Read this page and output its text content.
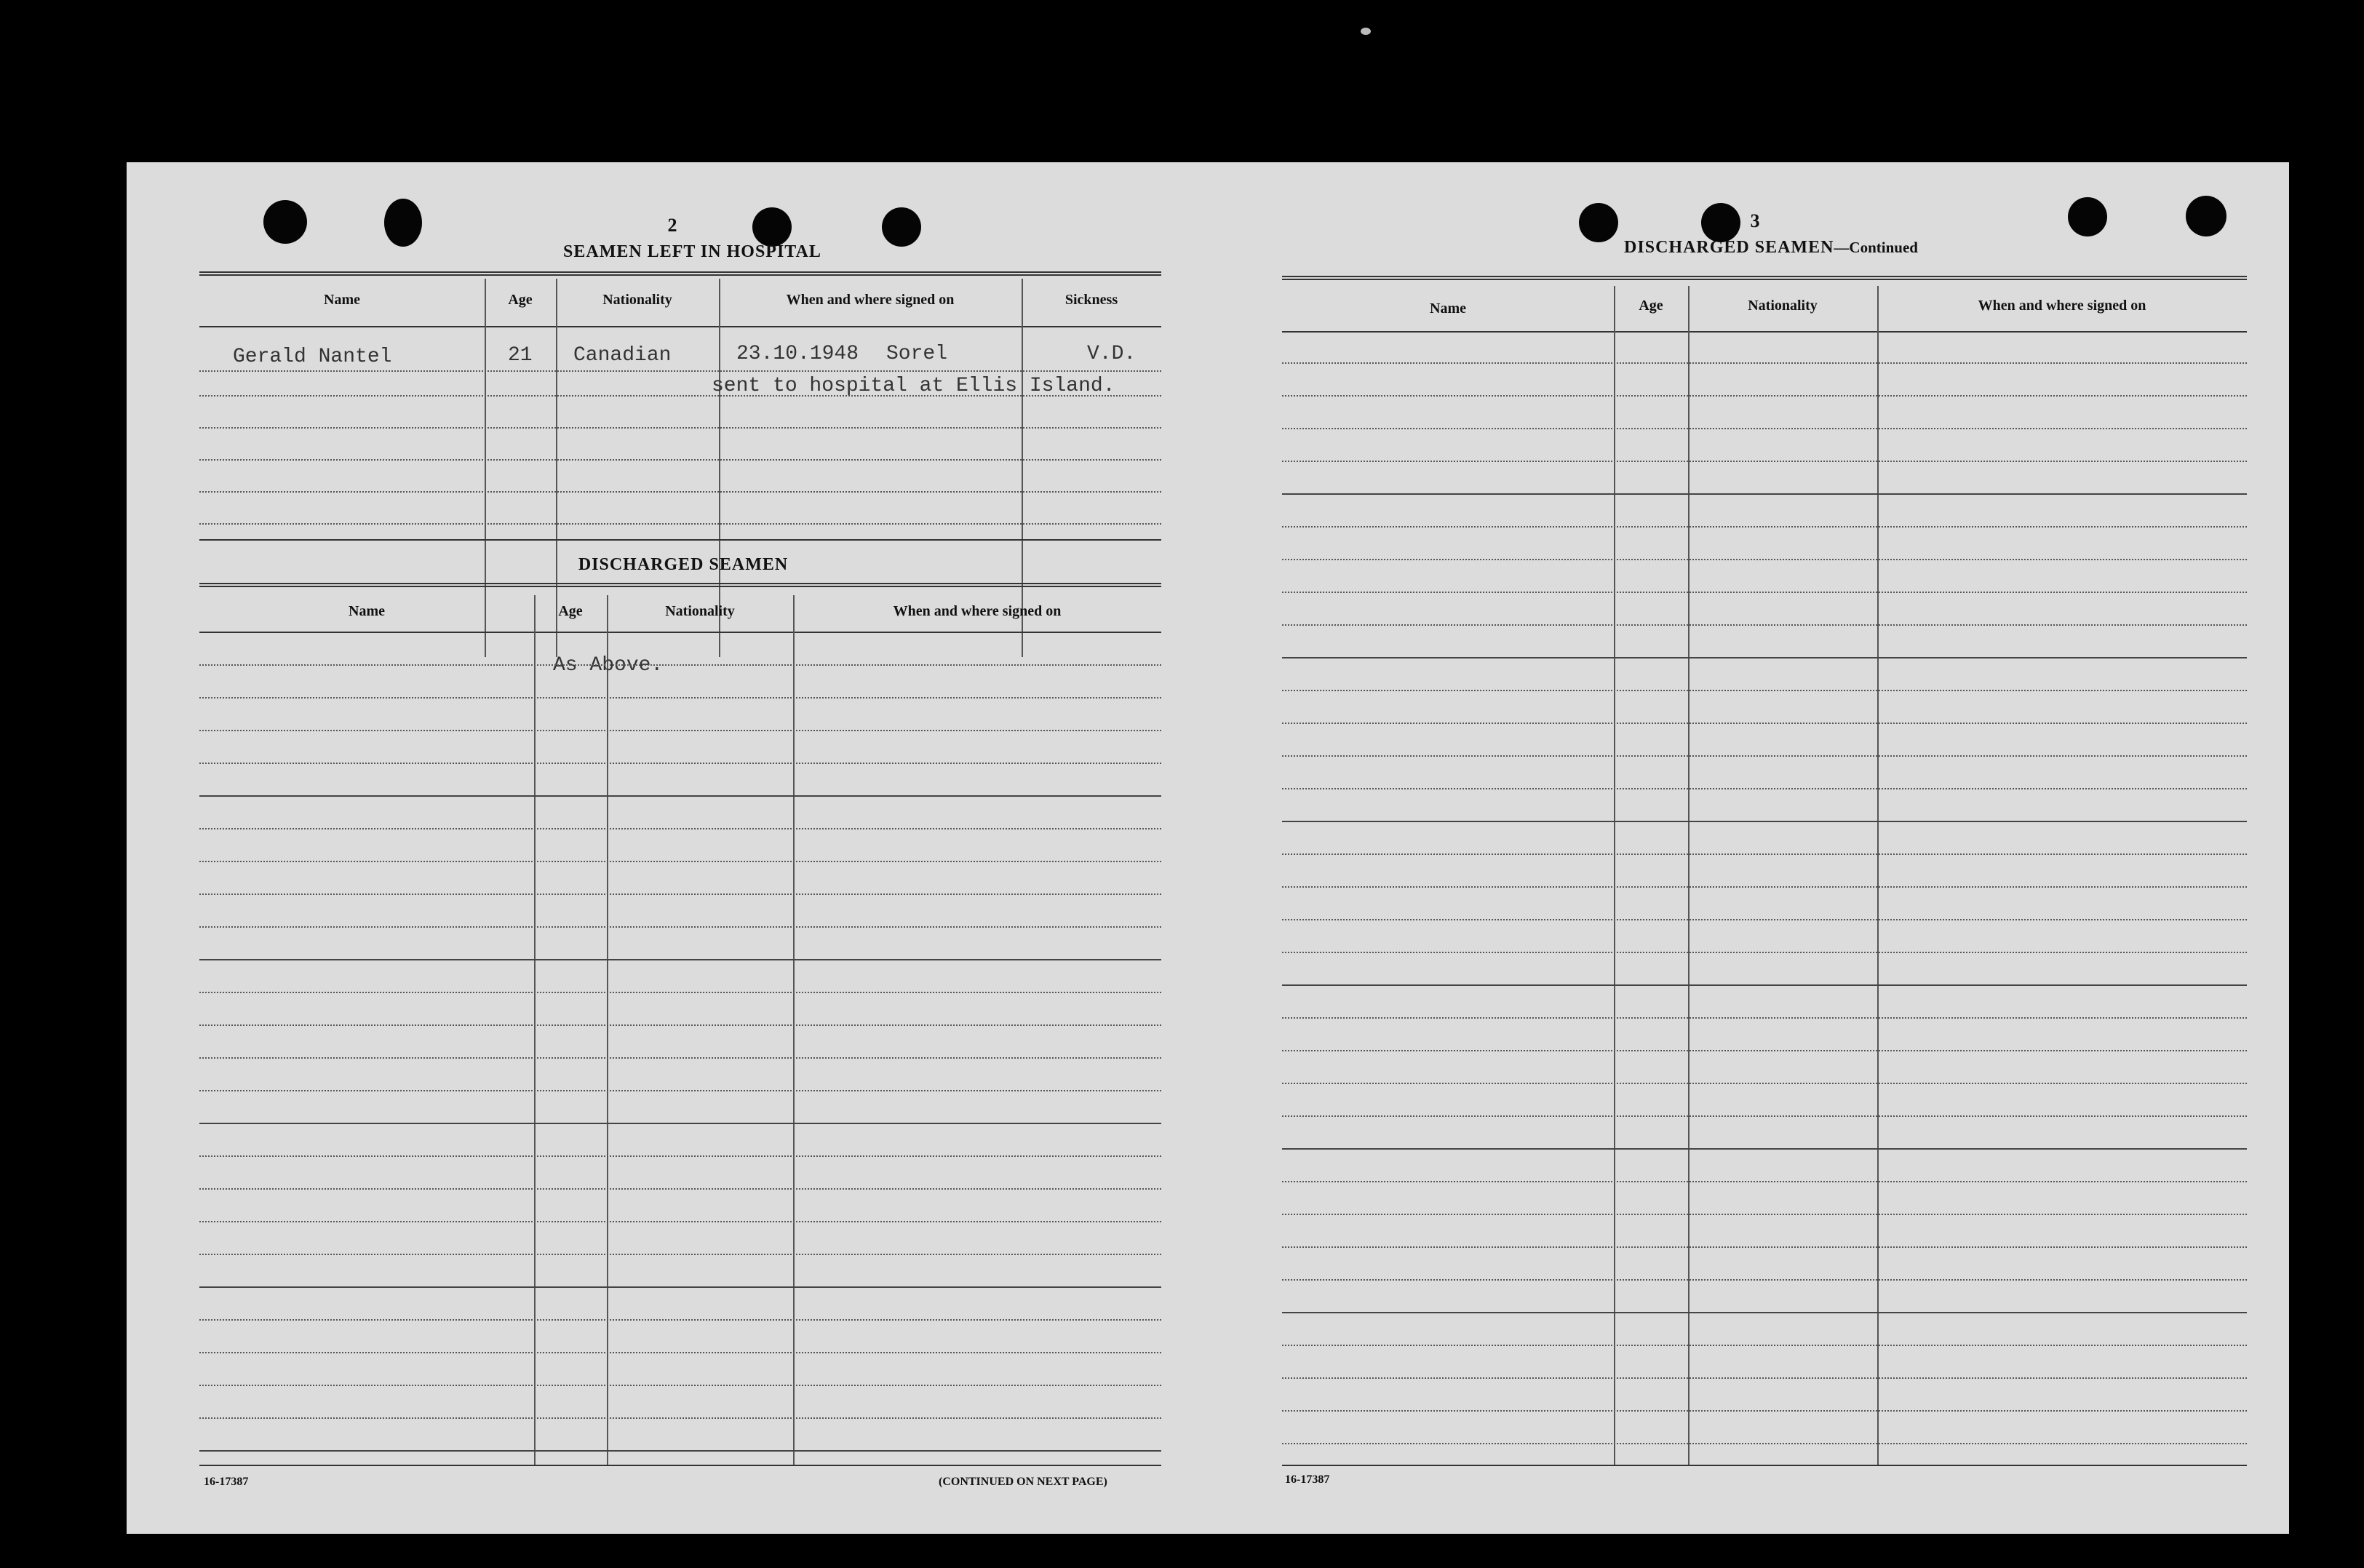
2
SEAMEN LEFT IN HOSPITAL
Name	Age	Nationality	When and where signed on	Sickness
Gerald Nantel	21 Canadian	23.10.1948 Sorel	V.D.
sent to hospital at Ellis Island.
DISCHARGED SEAMEN
Name	Age	Nationality	When and where signed on
As Above.
16-17387	(CONTINUED ON NEXT PAGE)
3
DISCHARGED SEAMEN—Continued
Name	Age	Nationality	When and where signed on
16-17387
